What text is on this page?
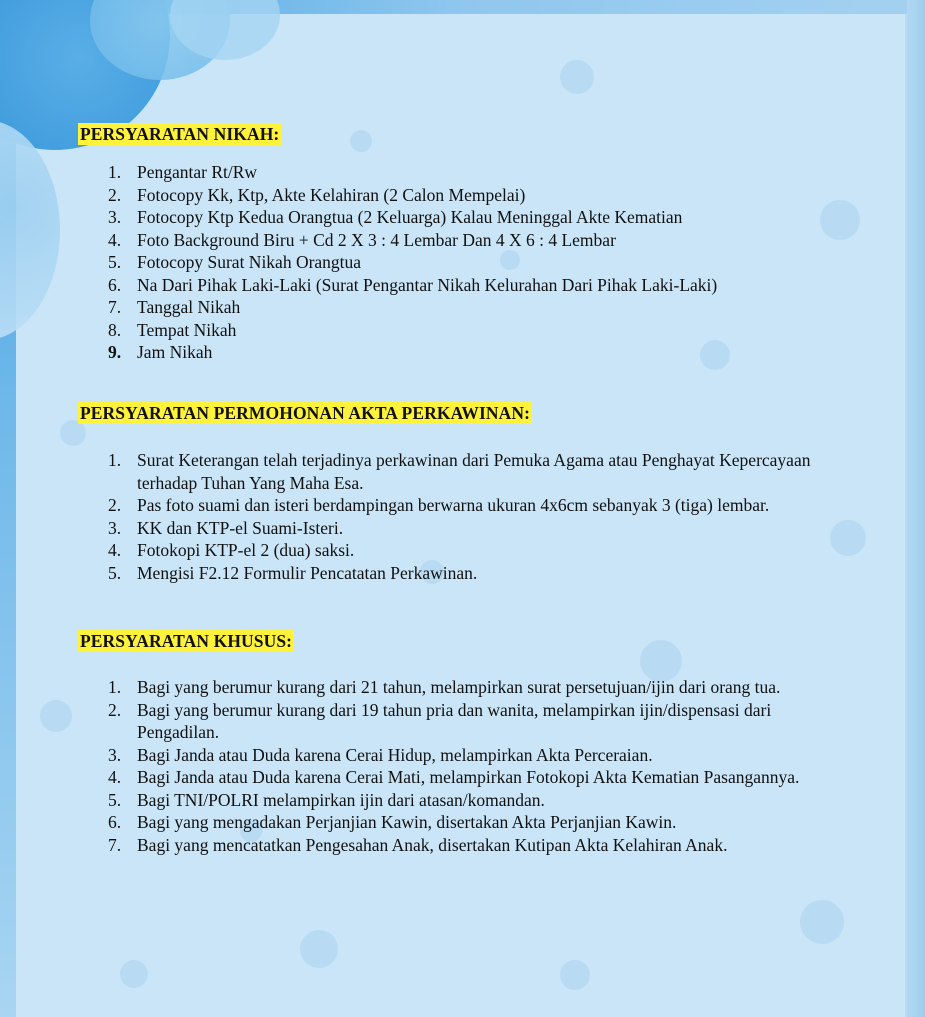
PERSYARATAN NIKAH:
1. Pengantar Rt/Rw
2. Fotocopy Kk, Ktp, Akte Kelahiran (2 Calon Mempelai)
3. Fotocopy Ktp Kedua Orangtua (2 Keluarga) Kalau Meninggal Akte Kematian
4. Foto Background Biru + Cd 2 X 3 : 4 Lembar Dan 4 X 6 : 4 Lembar
5. Fotocopy Surat Nikah Orangtua
6. Na Dari Pihak Laki-Laki (Surat Pengantar Nikah Kelurahan Dari Pihak Laki-Laki)
7. Tanggal Nikah
8. Tempat Nikah
9. Jam Nikah
PERSYARATAN PERMOHONAN AKTA PERKAWINAN:
1. Surat Keterangan telah terjadinya perkawinan dari Pemuka Agama atau Penghayat Kepercayaan terhadap Tuhan Yang Maha Esa.
2. Pas foto suami dan isteri berdampingan berwarna ukuran 4x6cm sebanyak 3 (tiga) lembar.
3. KK dan KTP-el Suami-Isteri.
4. Fotokopi KTP-el 2 (dua) saksi.
5. Mengisi F2.12 Formulir Pencatatan Perkawinan.
PERSYARATAN KHUSUS:
1. Bagi yang berumur kurang dari 21 tahun, melampirkan surat persetujuan/ijin dari orang tua.
2. Bagi yang berumur kurang dari 19 tahun pria dan wanita, melampirkan ijin/dispensasi dari Pengadilan.
3. Bagi Janda atau Duda karena Cerai Hidup, melampirkan Akta Perceraian.
4. Bagi Janda atau Duda karena Cerai Mati, melampirkan Fotokopi Akta Kematian Pasangannya.
5. Bagi TNI/POLRI melampirkan ijin dari atasan/komandan.
6. Bagi yang mengadakan Perjanjian Kawin, disertakan Akta Perjanjian Kawin.
7. Bagi yang mencatatkan Pengesahan Anak, disertakan Kutipan Akta Kelahiran Anak.
